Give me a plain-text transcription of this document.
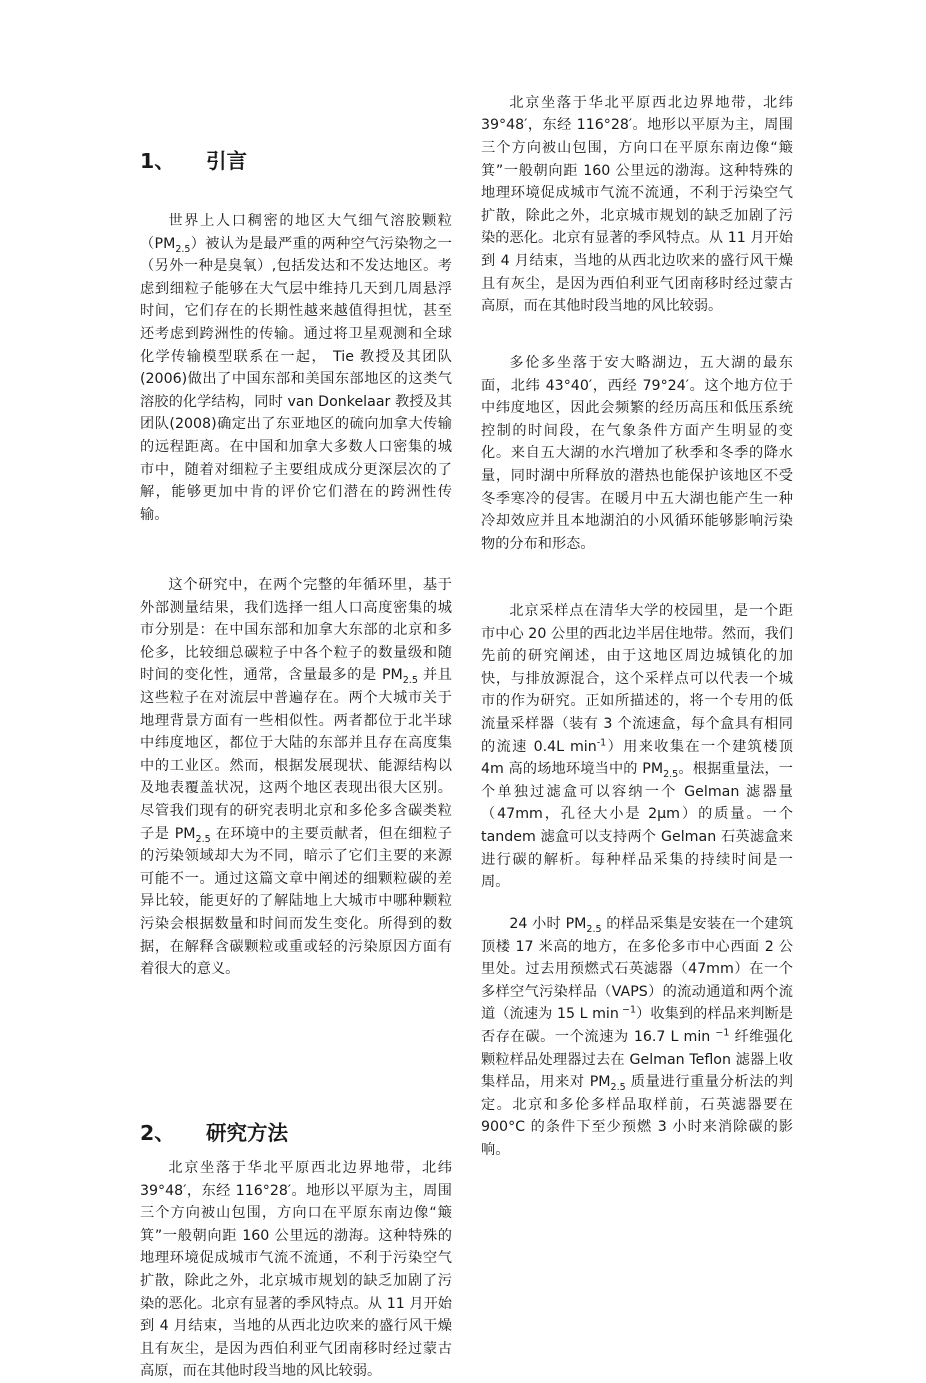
1、 引言

世界上人口稠密的地区大气细气溶胶颗粒$(PM_{2.5})$被认为是最严重的两种空气污染物之一（另外一种是臭氧）,包括发达和不发达地区。考虑到细粒子能够在大气层中维持几天到几周悬浮时间，它们存在的长期性越来越值得担忧，甚至还考虑到跨洲性的传输。通过将卫星观测和全球化学传输模型联系在一起， Tie 教授及其团队(2006)做出了中国东部和美国东部地区的这类气溶胶的化学结构，同时 van Donkelaar 教授及其团队(2008)确定出了东亚地区的硫向加拿大传输的远程距离。在中国和加拿大多数人口密集的城市中，随着对细粒子主要组成成分更深层次的了解，能够更加中肯的评价它们潜在的跨洲性传输。

这个研究中，在两个完整的年循环里，基于外部测量结果，我们选择一组人口高度密集的城市分别是：在中国东部和加拿大东部的北京和多伦多，比较细总碳粒子中各个粒子的数量级和随时间的变化性，通常，含量最多的是 $PM_{2.5}$ 并且这些粒子在对流层中普遍存在。两个大城市关于地理背景方面有一些相似性。两者都位于北半球中纬度地区，都位于大陆的东部并且存在高度集中的工业区。然而，根据发展现状、能源结构以及地表覆盖状况，这两个地区表现出很大区别。尽管我们现有的研究表明北京和多伦多含碳类粒子是 $PM_{2.5}$ 在环境中的主要贡献者，但在细粒子的污染领域却大为不同，暗示了它们主要的来源可能不一。通过这篇文章中阐述的细颗粒碳的差异比较，能更好的了解陆地上大城市中哪种颗粒污染会根据数量和时间而发生变化。所得到的数据，在解释含碳颗粒或重或轻的污染原因方面有着很大的意义。

2、 研究方法

北京坐落于华北平原西北边界地带，北纬 39°48′，东经 116°28′。地形以平原为主，周围三个方向被山包围，方向口在平原东南边像“簸箕”一般朝向距 160 公里远的渤海。这种特殊的地理环境促成城市气流不流通，不利于污染空气扩散，除此之外，北京城市规划的缺乏加剧了污染的恶化。北京有显著的季风特点。从 11 月开始到 4 月结束，当地的从西北边吹来的盛行风干燥且有灰尘，是因为西伯利亚气团南移时经过蒙古高原，而在其他时段当地的风比较弱。

北京坐落于华北平原西北边界地带，北纬 39°48′，东经 116°28′。地形以平原为主，周围三个方向被山包围，方向口在平原东南边像“簸箕”一般朝向距 160 公里远的渤海。这种特殊的地理环境促成城市气流不流通，不利于污染空气扩散，除此之外，北京城市规划的缺乏加剧了污染的恶化。北京有显著的季风特点。从 11 月开始到 4 月结束，当地的从西北边吹来的盛行风干燥且有灰尘，是因为西伯利亚气团南移时经过蒙古高原，而在其他时段当地的风比较弱。

多伦多坐落于安大略湖边，五大湖的最东面，北纬 43°40′，西经 79°24′。这个地方位于中纬度地区，因此会频繁的经历高压和低压系统控制的时间段，在气象条件方面产生明显的变化。来自五大湖的水汽增加了秋季和冬季的降水量，同时湖中所释放的潜热也能保护该地区不受冬季寒冷的侵害。在暖月中五大湖也能产生一种冷却效应并且本地湖泊的小风循环能够影响污染物的分布和形态。

北京采样点在清华大学的校园里，是一个距市中心 20 公里的西北边半居住地带。然而，我们先前的研究阐述，由于这地区周边城镇化的加快，与排放源混合，这个采样点可以代表一个城市的作为研究。正如所描述的，将一个专用的低流量采样器（装有 3 个流速盒，每个盒具有相同的流速 0.4L $\min^{-1}$）用来收集在一个建筑楼顶 4m 高的场地环境当中的 $PM_{2.5}$。根据重量法，一个单独过滤盒可以容纳一个 Gelman 滤器量（47mm，孔径大小是 2μm）的质量。一个 tandem 滤盒可以支持两个 Gelman 石英滤盒来进行碳的解析。每种样品采集的持续时间是一周。

24 小时 $PM_{2.5}$ 的样品采集是安装在一个建筑顶楼 17 米高的地方，在多伦多市中心西面 2 公里处。过去用预燃式石英滤器（47mm）在一个多样空气污染样品（VAPS）的流动通道和两个流道（流速为 15 L min $^{-1}$）收集到的样品来判断是否存在碳。一个流速为 16.7 L min $^{-1}$ 纤维强化颗粒样品处理器过去在 Gelman Teflon 滤器上收集样品，用来对 $PM_{2.5}$ 质量进行重量分析法的判定。北京和多伦多样品取样前，石英滤器要在 900°C 的条件下至少预燃 3 小时来消除碳的影响。
